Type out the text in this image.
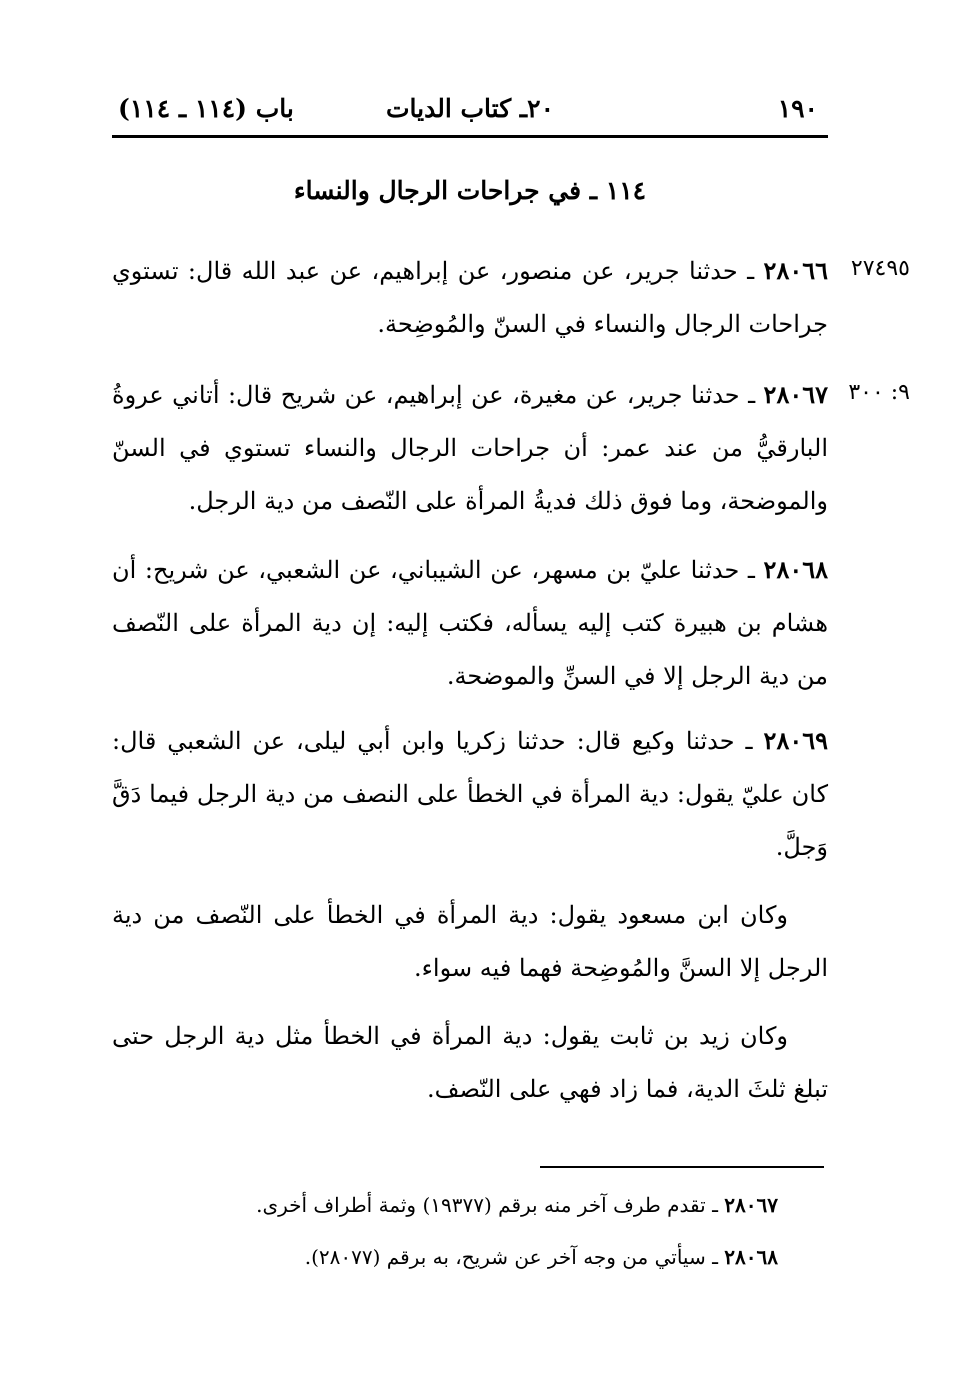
١٩٠
٢٠ـ كتاب الديات
باب (١١٤ ـ ١١٤)
١١٤ ـ في جراحات الرجال والنساء
٢٧٤٩٥
٩: ٣٠٠
٢٨٠٦٦ ـ حدثنا جرير، عن منصور، عن إبراهيم، عن عبد الله قال: تستوي جراحات الرجال والنساء في السنّ والمُوضِحة.
٢٨٠٦٧ ـ حدثنا جرير، عن مغيرة، عن إبراهيم، عن شريح قال: أتاني عروةُ البارقيُّ من عند عمر: أن جراحات الرجال والنساء تستوي في السنّ والموضحة، وما فوق ذلك فديةُ المرأة على النّصف من دية الرجل.
٢٨٠٦٨ ـ حدثنا عليّ بن مسهر، عن الشيباني، عن الشعبي، عن شريح: أن هشام بن هبيرة كتب إليه يسأله، فكتب إليه: إن دية المرأة على النّصف من دية الرجل إلا في السنِّ والموضحة.
٢٨٠٦٩ ـ حدثنا وكيع قال: حدثنا زكريا وابن أبي ليلى، عن الشعبي قال: كان عليّ يقول: دية المرأة في الخطأ على النصف من دية الرجل فيما دَقَّ وَجلَّ.
وكان ابن مسعود يقول: دية المرأة في الخطأ على النّصف من دية الرجل إلا السنَّ والمُوضِحة فهما فيه سواء.
وكان زيد بن ثابت يقول: دية المرأة في الخطأ مثل دية الرجل حتى تبلغ ثلثَ الدية، فما زاد فهي على النّصف.
٢٨٠٦٧ ـ تقدم طرف آخر منه برقم (١٩٣٧٧) وثمة أطراف أخرى.
٢٨٠٦٨ ـ سيأتي من وجه آخر عن شريح، به برقم (٢٨٠٧٧).
